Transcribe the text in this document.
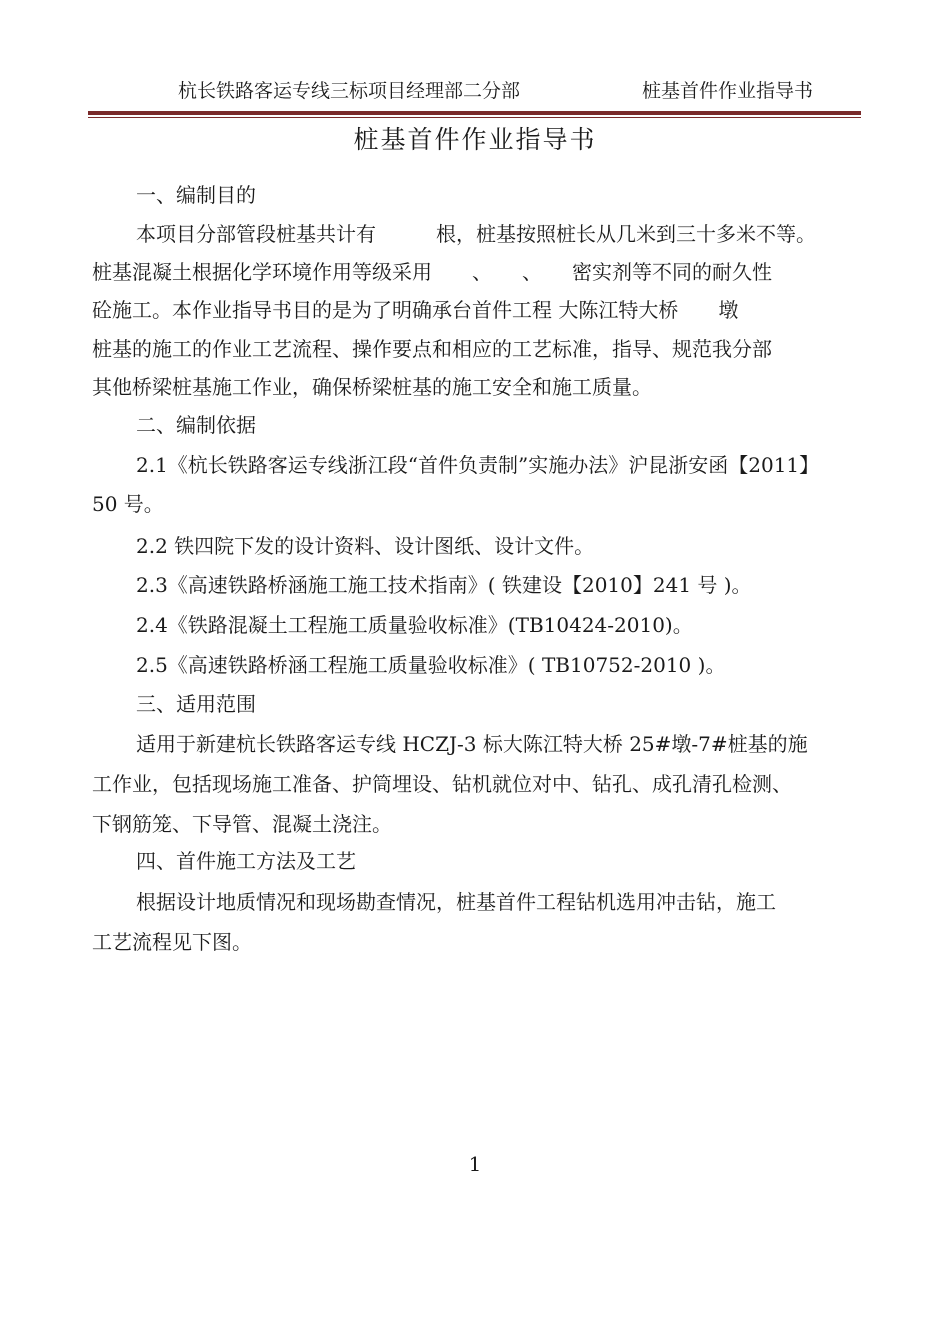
杭长铁路客运专线三标项目经理部二分部	桩基首件作业指导书
桩基首件作业指导书
一、编制目的
本项目分部管段桩基共计有　　　根，桩基按照桩长从几米到三十多米不等。
桩基混凝土根据化学环境作用等级采用　　、　　、　　密实剂等不同的耐久性
砼施工。本作业指导书目的是为了明确承台首件工程 大陈江特大桥　　墩
桩基的施工的作业工艺流程、操作要点和相应的工艺标准，指导、规范我分部
其他桥梁桩基施工作业，确保桥梁桩基的施工安全和施工质量。
二、编制依据
2.1《杭长铁路客运专线浙江段“首件负责制”实施办法》沪昆浙安函【2011】
50 号。
2.2 铁四院下发的设计资料、设计图纸、设计文件。
2.3《高速铁路桥涵施工施工技术指南》( 铁建设【2010】241 号 )。
2.4《铁路混凝土工程施工质量验收标准》(TB10424-2010)。
2.5《高速铁路桥涵工程施工质量验收标准》( TB10752-2010 )。
三、适用范围
适用于新建杭长铁路客运专线 HCZJ-3 标大陈江特大桥 25#墩-7#桩基的施
工作业，包括现场施工准备、护筒埋设、钻机就位对中、钻孔、成孔清孔检测、
下钢筋笼、下导管、混凝土浇注。
四、首件施工方法及工艺
根据设计地质情况和现场勘查情况，桩基首件工程钻机选用冲击钻，施工
工艺流程见下图。
1
